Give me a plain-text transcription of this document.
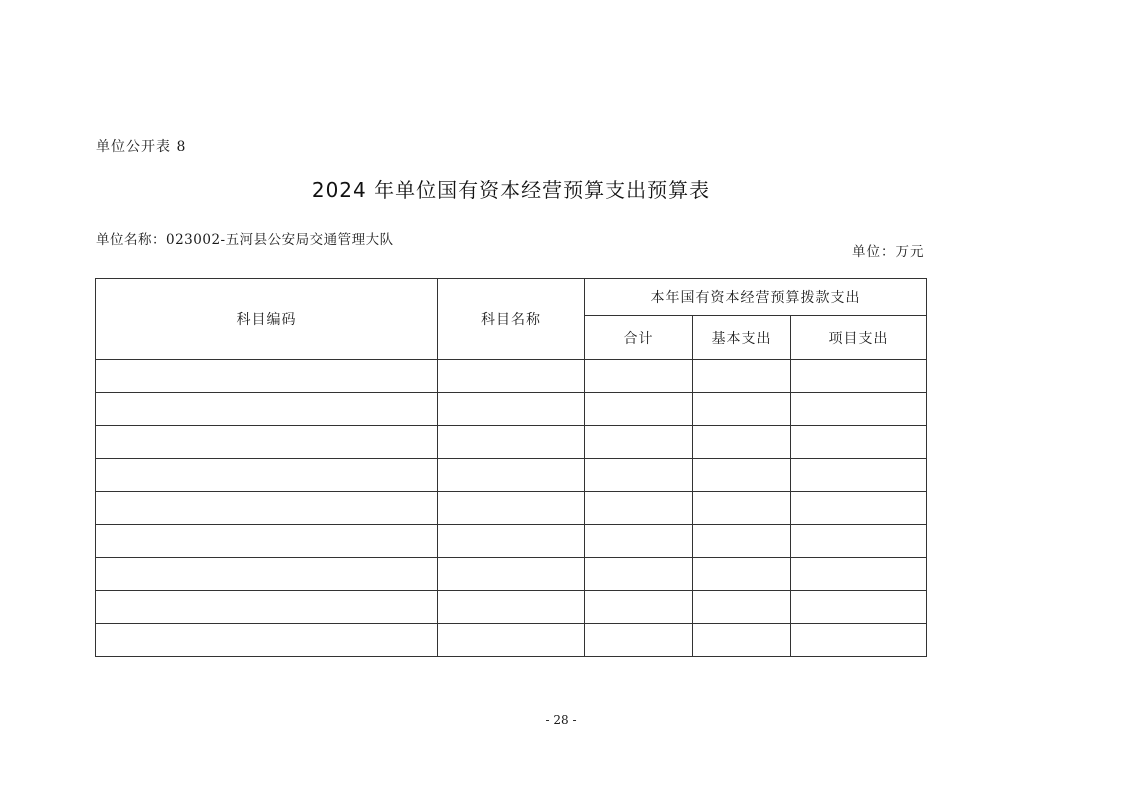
单位公开表 8
2024 年单位国有资本经营预算支出预算表
单位名称：023002-五河县公安局交通管理大队
单位：万元
科目编码	科目名称	本年国有资本经营预算拨款支出		
		合计	基本支出	项目支出

- 28 -
